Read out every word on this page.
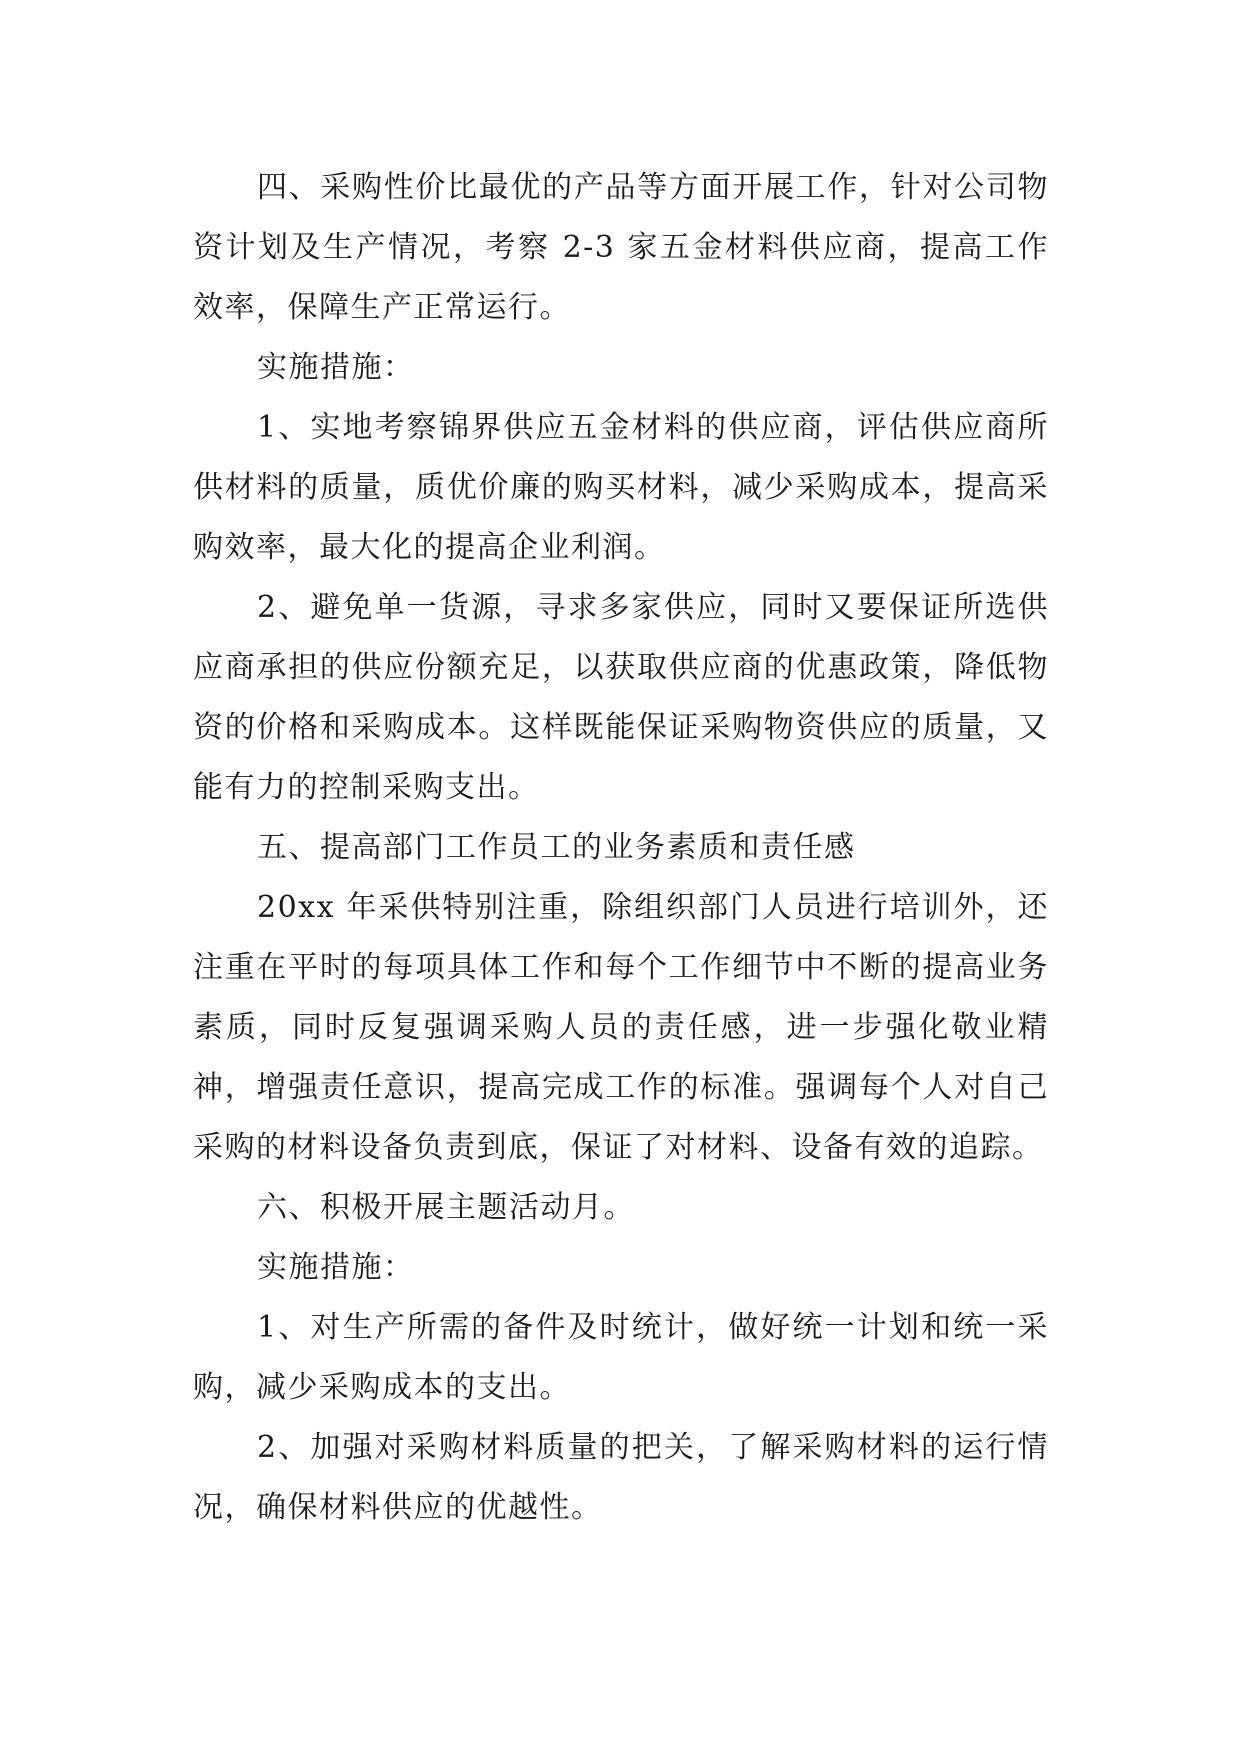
四、采购性价比最优的产品等方面开展工作，针对公司物资计划及生产情况，考察 2-3 家五金材料供应商，提高工作效率，保障生产正常运行。

实施措施：

1、实地考察锦界供应五金材料的供应商，评估供应商所供材料的质量，质优价廉的购买材料，减少采购成本，提高采购效率，最大化的提高企业利润。

2、避免单一货源，寻求多家供应，同时又要保证所选供应商承担的供应份额充足，以获取供应商的优惠政策，降低物资的价格和采购成本。这样既能保证采购物资供应的质量，又能有力的控制采购支出。

五、提高部门工作员工的业务素质和责任感

20xx 年采供特别注重，除组织部门人员进行培训外，还注重在平时的每项具体工作和每个工作细节中不断的提高业务素质，同时反复强调采购人员的责任感，进一步强化敬业精神，增强责任意识，提高完成工作的标准。强调每个人对自己采购的材料设备负责到底，保证了对材料、设备有效的追踪。

六、积极开展主题活动月。

实施措施：

1、对生产所需的备件及时统计，做好统一计划和统一采购，减少采购成本的支出。

2、加强对采购材料质量的把关，了解采购材料的运行情况，确保材料供应的优越性。
